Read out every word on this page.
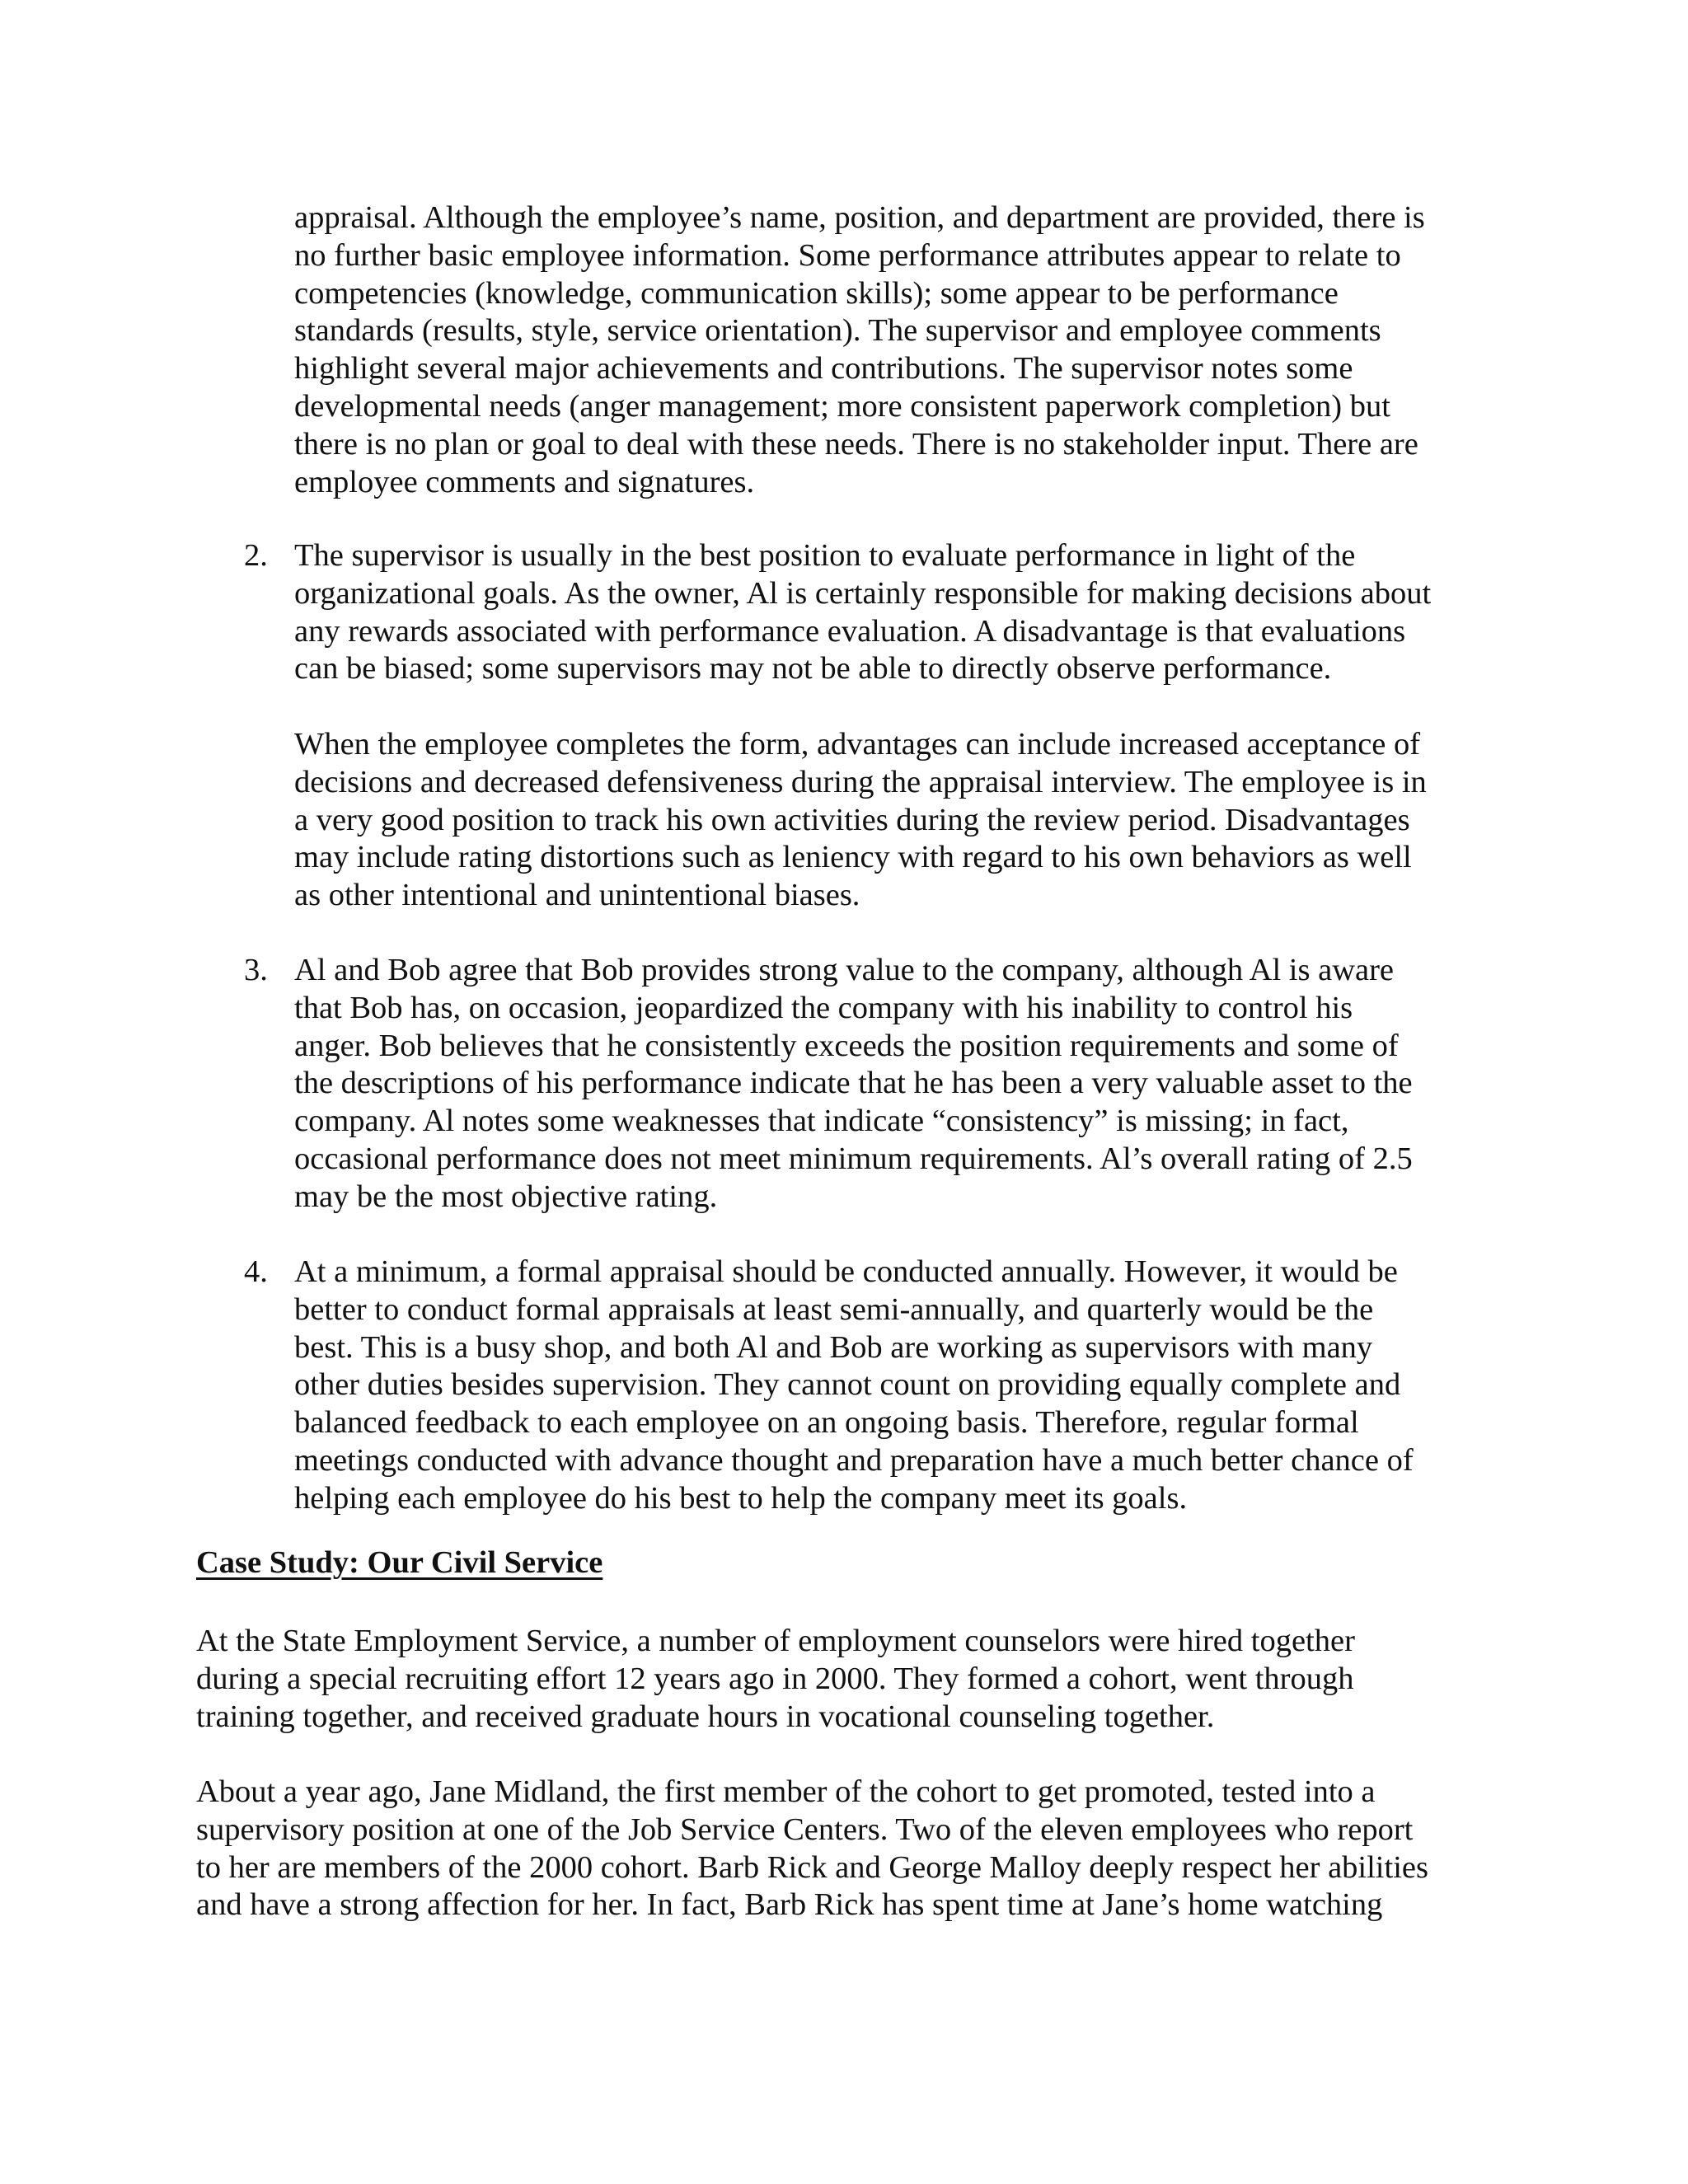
appraisal. Although the employee’s name, position, and department are provided, there is
no further basic employee information. Some performance attributes appear to relate to
competencies (knowledge, communication skills); some appear to be performance
standards (results, style, service orientation). The supervisor and employee comments
highlight several major achievements and contributions. The supervisor notes some
developmental needs (anger management; more consistent paperwork completion) but
there is no plan or goal to deal with these needs. There is no stakeholder input. There are
employee comments and signatures.
2. The supervisor is usually in the best position to evaluate performance in light of the
organizational goals. As the owner, Al is certainly responsible for making decisions about
any rewards associated with performance evaluation. A disadvantage is that evaluations
can be biased; some supervisors may not be able to directly observe performance.
When the employee completes the form, advantages can include increased acceptance of
decisions and decreased defensiveness during the appraisal interview. The employee is in
a very good position to track his own activities during the review period. Disadvantages
may include rating distortions such as leniency with regard to his own behaviors as well
as other intentional and unintentional biases.
3. Al and Bob agree that Bob provides strong value to the company, although Al is aware
that Bob has, on occasion, jeopardized the company with his inability to control his
anger. Bob believes that he consistently exceeds the position requirements and some of
the descriptions of his performance indicate that he has been a very valuable asset to the
company. Al notes some weaknesses that indicate “consistency” is missing; in fact,
occasional performance does not meet minimum requirements. Al’s overall rating of 2.5
may be the most objective rating.
4. At a minimum, a formal appraisal should be conducted annually. However, it would be
better to conduct formal appraisals at least semi-annually, and quarterly would be the
best. This is a busy shop, and both Al and Bob are working as supervisors with many
other duties besides supervision. They cannot count on providing equally complete and
balanced feedback to each employee on an ongoing basis. Therefore, regular formal
meetings conducted with advance thought and preparation have a much better chance of
helping each employee do his best to help the company meet its goals.
Case Study: Our Civil Service
At the State Employment Service, a number of employment counselors were hired together
during a special recruiting effort 12 years ago in 2000. They formed a cohort, went through
training together, and received graduate hours in vocational counseling together.
About a year ago, Jane Midland, the first member of the cohort to get promoted, tested into a
supervisory position at one of the Job Service Centers. Two of the eleven employees who report
to her are members of the 2000 cohort. Barb Rick and George Malloy deeply respect her abilities
and have a strong affection for her. In fact, Barb Rick has spent time at Jane’s home watching
